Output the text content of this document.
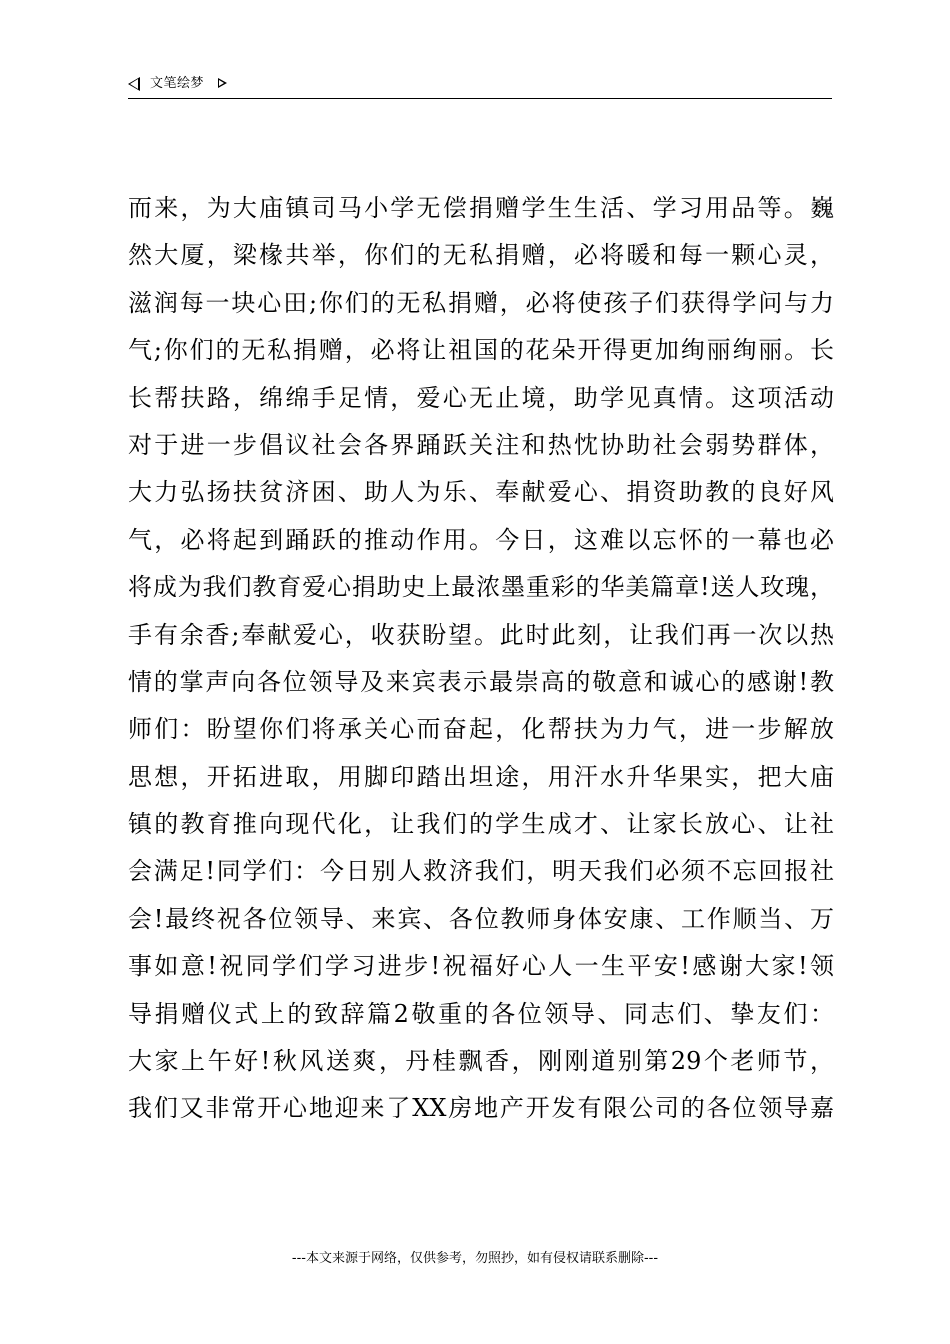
文笔绘梦
而来，为大庙镇司马小学无偿捐赠学生生活、学习用品等。巍
然大厦，梁椽共举，你们的无私捐赠，必将暖和每一颗心灵，
滋润每一块心田;你们的无私捐赠，必将使孩子们获得学问与力
气;你们的无私捐赠，必将让祖国的花朵开得更加绚丽绚丽。长
长帮扶路，绵绵手足情，爱心无止境，助学见真情。这项活动
对于进一步倡议社会各界踊跃关注和热忱协助社会弱势群体，
大力弘扬扶贫济困、助人为乐、奉献爱心、捐资助教的良好风
气，必将起到踊跃的推动作用。今日，这难以忘怀的一幕也必
将成为我们教育爱心捐助史上最浓墨重彩的华美篇章!送人玫瑰，
手有余香;奉献爱心，收获盼望。此时此刻，让我们再一次以热
情的掌声向各位领导及来宾表示最崇高的敬意和诚心的感谢!教
师们：盼望你们将承关心而奋起，化帮扶为力气，进一步解放
思想，开拓进取，用脚印踏出坦途，用汗水升华果实，把大庙
镇的教育推向现代化，让我们的学生成才、让家长放心、让社
会满足!同学们：今日别人救济我们，明天我们必须不忘回报社
会!最终祝各位领导、来宾、各位教师身体安康、工作顺当、万
事如意!祝同学们学习进步!祝福好心人一生平安!感谢大家!领
导捐赠仪式上的致辞篇2敬重的各位领导、同志们、挚友们：
大家上午好!秋风送爽，丹桂飘香，刚刚道别第29个老师节，
我们又非常开心地迎来了XX房地产开发有限公司的各位领导嘉
---本文来源于网络，仅供参考，勿照抄，如有侵权请联系删除---
